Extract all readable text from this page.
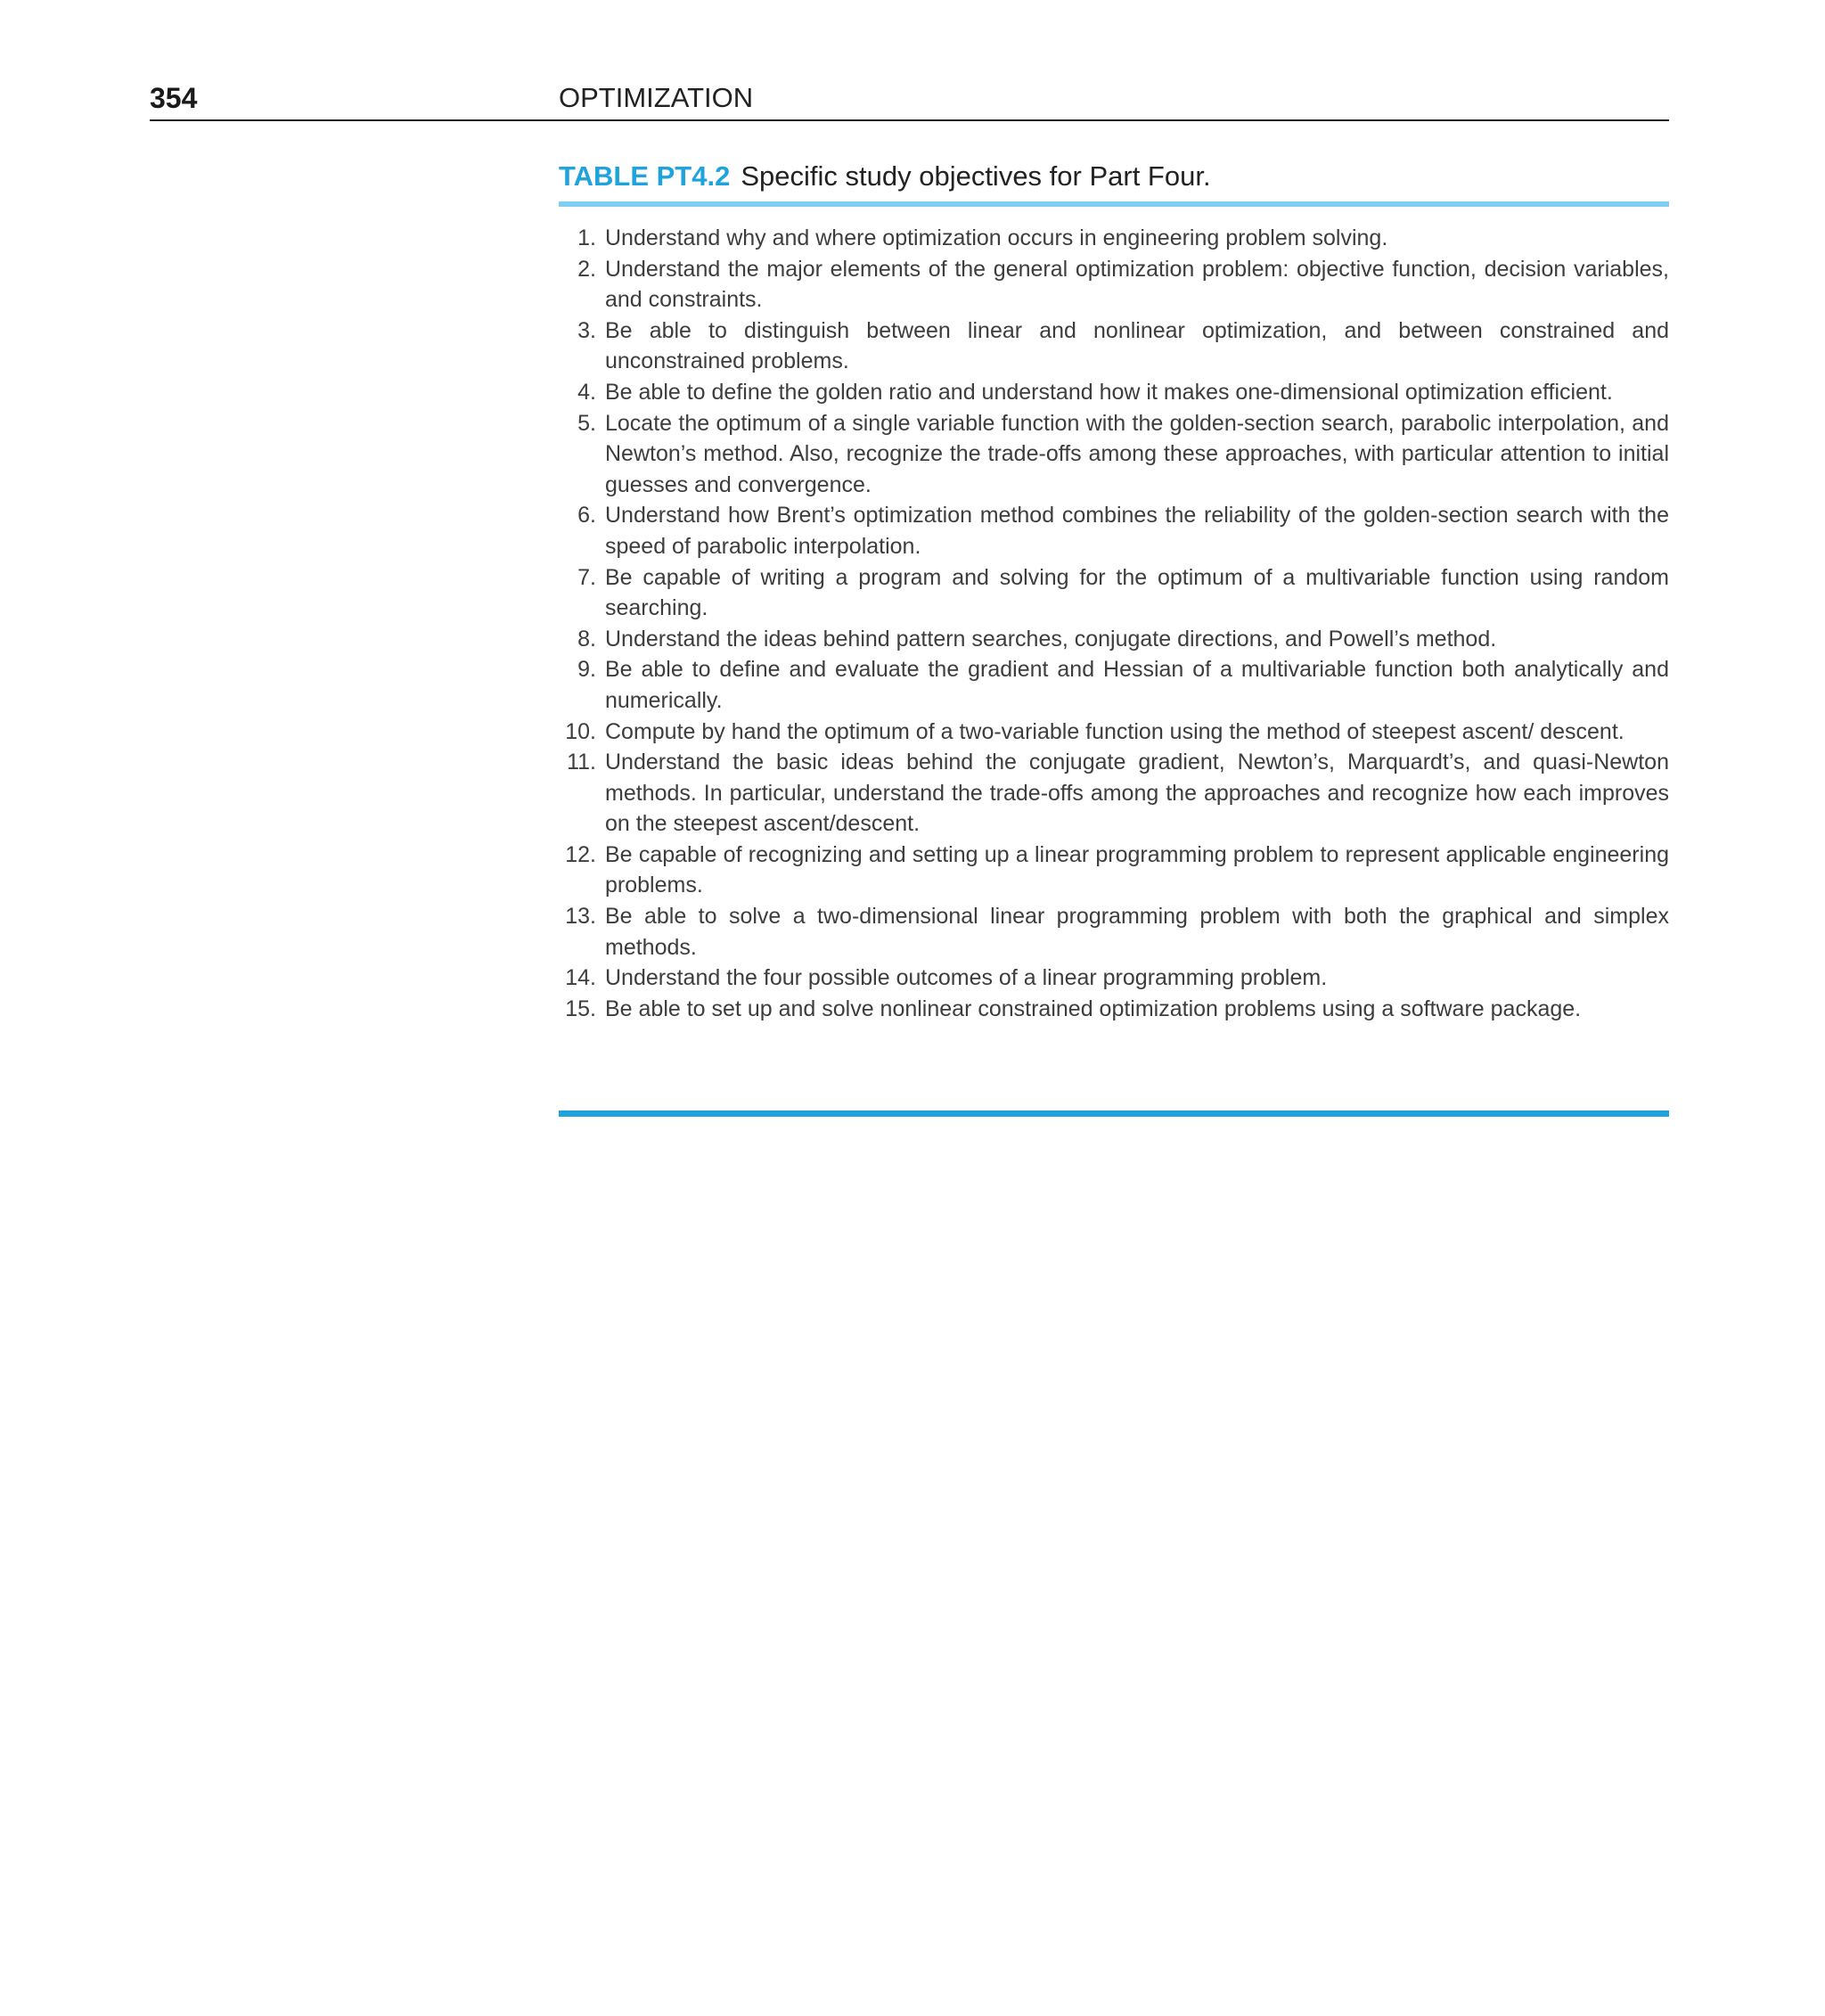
354	OPTIMIZATION
TABLE PT4.2 Specific study objectives for Part Four.
1. Understand why and where optimization occurs in engineering problem solving.
2. Understand the major elements of the general optimization problem: objective function, decision variables, and constraints.
3. Be able to distinguish between linear and nonlinear optimization, and between constrained and unconstrained problems.
4. Be able to define the golden ratio and understand how it makes one-dimensional optimization efficient.
5. Locate the optimum of a single variable function with the golden-section search, parabolic interpolation, and Newton’s method. Also, recognize the trade-offs among these approaches, with particular attention to initial guesses and convergence.
6. Understand how Brent’s optimization method combines the reliability of the golden-section search with the speed of parabolic interpolation.
7. Be capable of writing a program and solving for the optimum of a multivariable function using random searching.
8. Understand the ideas behind pattern searches, conjugate directions, and Powell’s method.
9. Be able to define and evaluate the gradient and Hessian of a multivariable function both analytically and numerically.
10. Compute by hand the optimum of a two-variable function using the method of steepest ascent/ descent.
11. Understand the basic ideas behind the conjugate gradient, Newton’s, Marquardt’s, and quasi-Newton methods. In particular, understand the trade-offs among the approaches and recognize how each improves on the steepest ascent/descent.
12. Be capable of recognizing and setting up a linear programming problem to represent applicable engineering problems.
13. Be able to solve a two-dimensional linear programming problem with both the graphical and simplex methods.
14. Understand the four possible outcomes of a linear programming problem.
15. Be able to set up and solve nonlinear constrained optimization problems using a software package.
